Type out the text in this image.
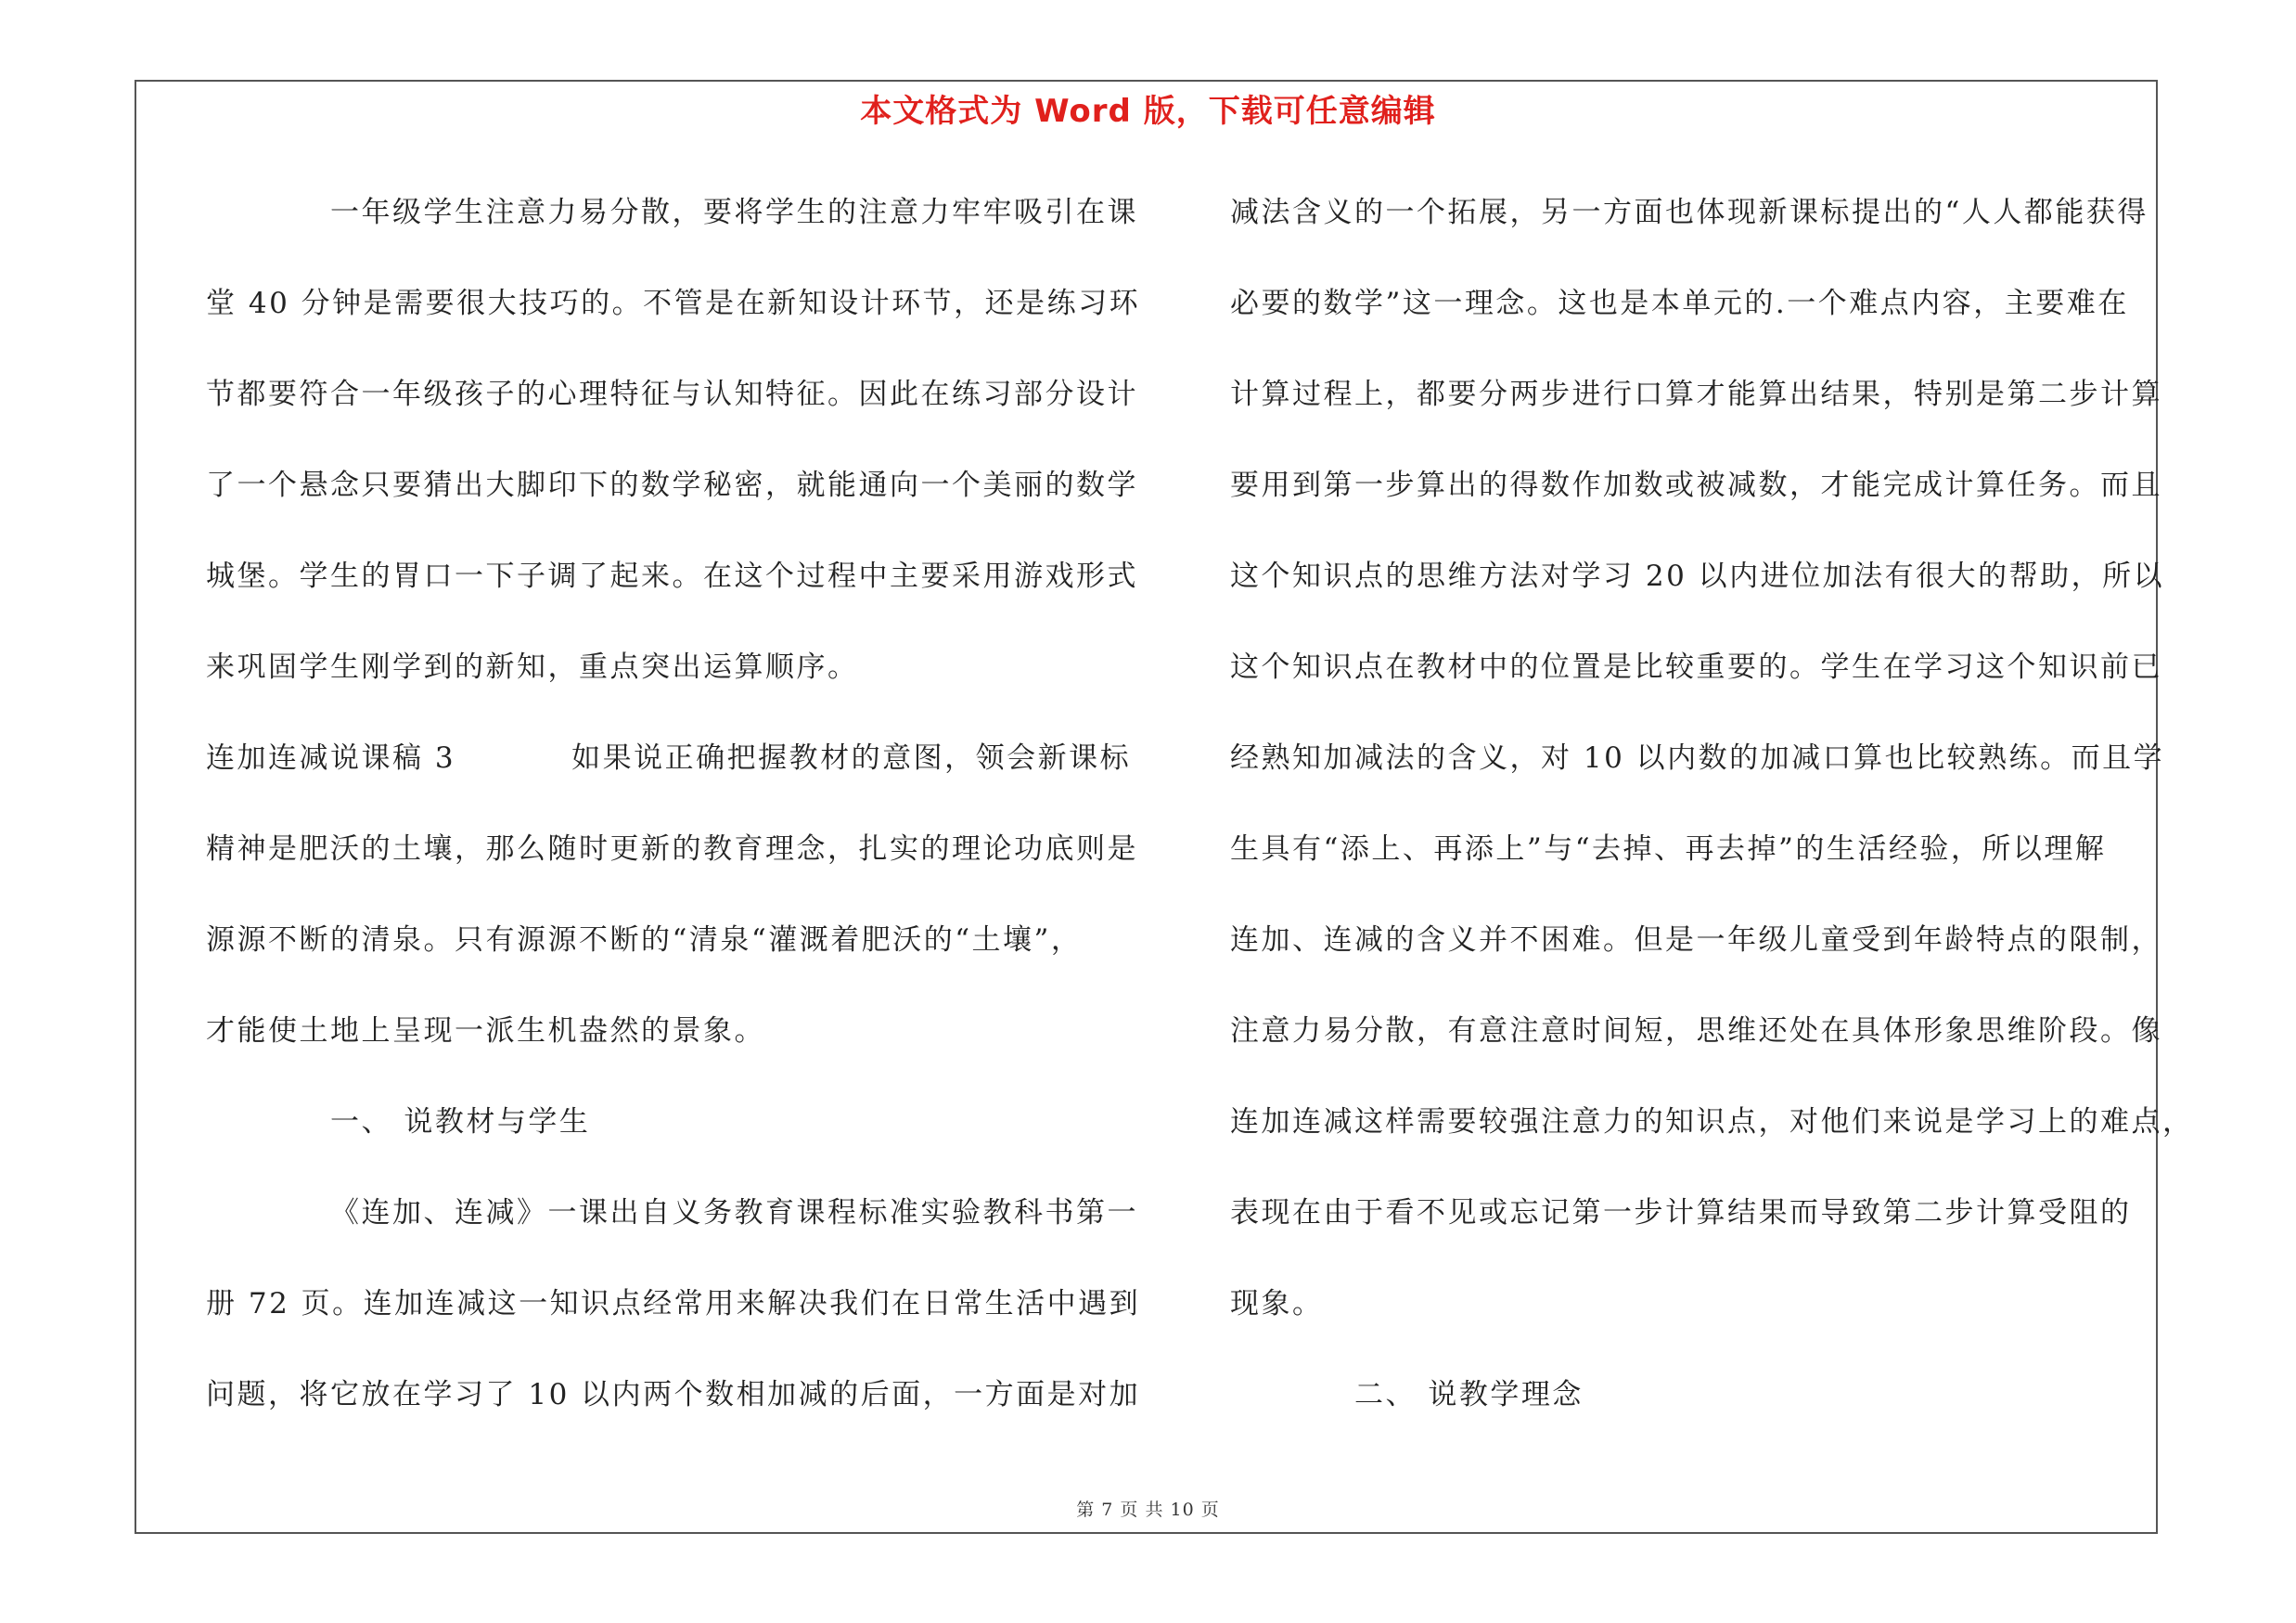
本文格式为 Word 版，下载可任意编辑
一年级学生注意力易分散，要将学生的注意力牢牢吸引在课
堂 40 分钟是需要很大技巧的。不管是在新知设计环节，还是练习环
节都要符合一年级孩子的心理特征与认知特征。因此在练习部分设计
了一个悬念只要猜出大脚印下的数学秘密，就能通向一个美丽的数学
城堡。学生的胃口一下子调了起来。在这个过程中主要采用游戏形式
来巩固学生刚学到的新知，重点突出运算顺序。
连加连减说课稿 3	如果说正确把握教材的意图，领会新课标
精神是肥沃的土壤，那么随时更新的教育理念，扎实的理论功底则是
源源不断的清泉。只有源源不断的“清泉“灌溉着肥沃的“土壤”，
才能使土地上呈现一派生机盎然的景象。
一、 说教材与学生
《连加、连减》一课出自义务教育课程标准实验教科书第一
册 72 页。连加连减这一知识点经常用来解决我们在日常生活中遇到
问题，将它放在学习了 10 以内两个数相加减的后面，一方面是对加
减法含义的一个拓展，另一方面也体现新课标提出的“人人都能获得
必要的数学”这一理念。这也是本单元的.一个难点内容，主要难在
计算过程上，都要分两步进行口算才能算出结果，特别是第二步计算
要用到第一步算出的得数作加数或被减数，才能完成计算任务。而且
这个知识点的思维方法对学习 20 以内进位加法有很大的帮助，所以
这个知识点在教材中的位置是比较重要的。学生在学习这个知识前已
经熟知加减法的含义，对 10 以内数的加减口算也比较熟练。而且学
生具有“添上、再添上”与“去掉、再去掉”的生活经验，所以理解
连加、连减的含义并不困难。但是一年级儿童受到年龄特点的限制，
注意力易分散，有意注意时间短，思维还处在具体形象思维阶段。像
连加连减这样需要较强注意力的知识点，对他们来说是学习上的难点，
表现在由于看不见或忘记第一步计算结果而导致第二步计算受阻的
现象。
二、 说教学理念
第 7 页 共 10 页
